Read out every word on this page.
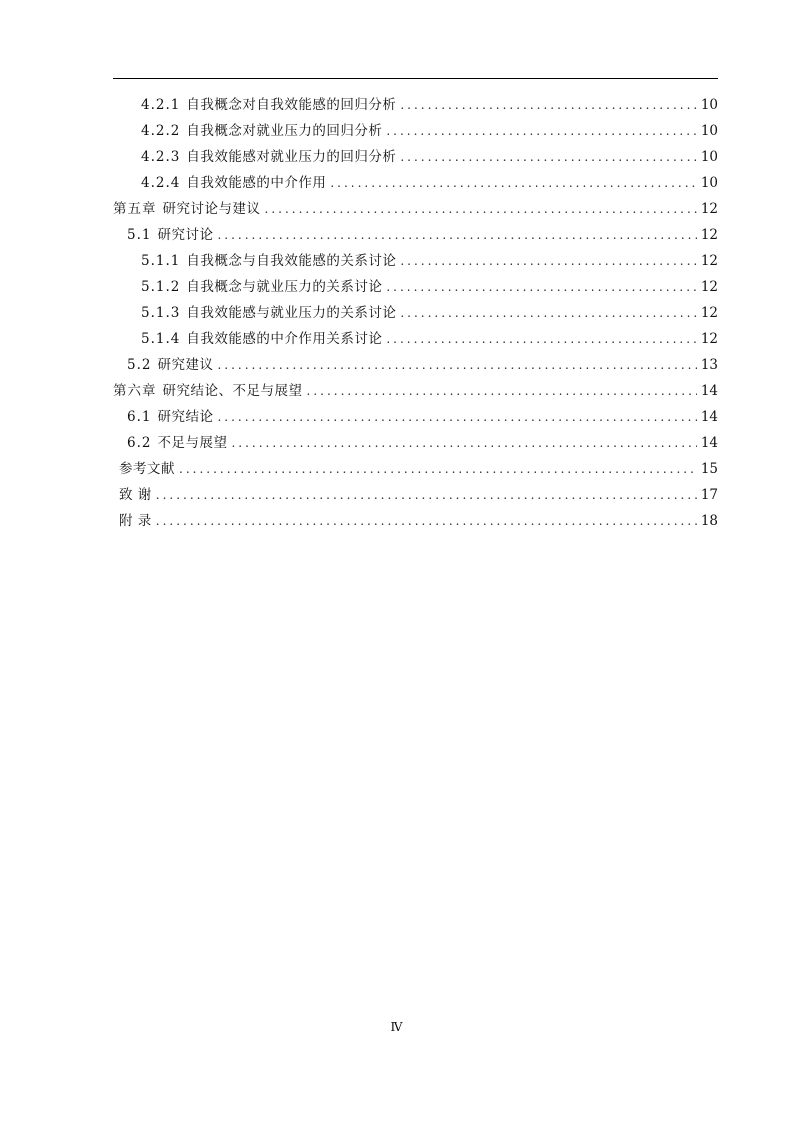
4.2.1 自我概念对自我效能感的回归分析 .....	10
4.2.2 自我概念对就业压力的回归分析 .....	10
4.2.3 自我效能感对就业压力的回归分析 .....	10
4.2.4 自我效能感的中介作用 .....	10
第五章 研究讨论与建议 .....	12
5.1 研究讨论 .....	12
5.1.1 自我概念与自我效能感的关系讨论 .....	12
5.1.2 自我概念与就业压力的关系讨论 .....	12
5.1.3 自我效能感与就业压力的关系讨论 .....	12
5.1.4 自我效能感的中介作用关系讨论 .....	12
5.2 研究建议 .....	13
第六章 研究结论、不足与展望 .....	14
6.1 研究结论 .....	14
6.2 不足与展望 .....	14
参考文献 .....	15
致 谢 .....	17
附 录 .....	18
Ⅳ
